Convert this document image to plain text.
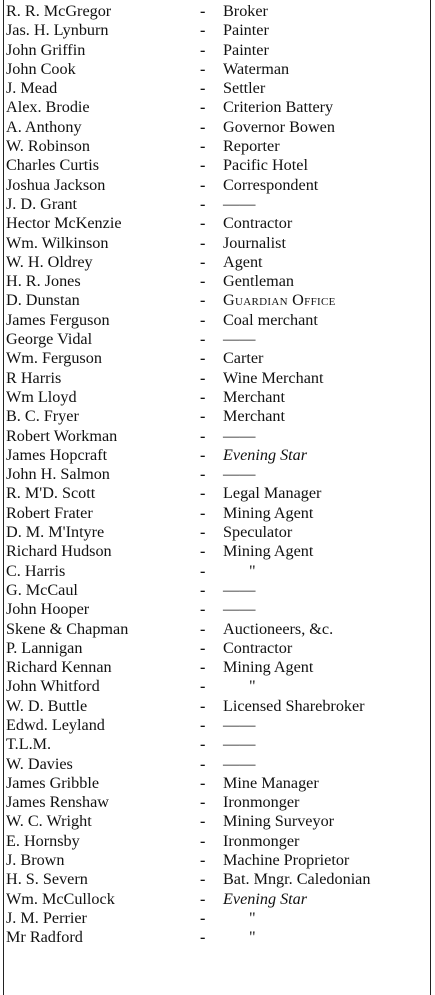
R. R. McGregor	- Broker
Jas. H. Lynburn	- Painter
John Griffin	- Painter
John Cook	- Waterman
J. Mead	- Settler
Alex. Brodie	- Criterion Battery
A. Anthony	- Governor Bowen
W. Robinson	- Reporter
Charles Curtis	- Pacific Hotel
Joshua Jackson	- Correspondent
J. D. Grant	- ——
Hector McKenzie	- Contractor
Wm. Wilkinson	- Journalist
W. H. Oldrey	- Agent
H. R. Jones	- Gentleman
D. Dunstan	- Guardian Office
James Ferguson	- Coal merchant
George Vidal	- ——
Wm. Ferguson	- Carter
R Harris	- Wine Merchant
Wm Lloyd	- Merchant
B. C. Fryer	- Merchant
Robert Workman	- ——
James Hopcraft	- Evening Star
John H. Salmon	- ——
R. M'D. Scott	- Legal Manager
Robert Frater	- Mining Agent
D. M. M'Intyre	- Speculator
Richard Hudson	- Mining Agent
C. Harris	-	"
G. McCaul	- ——
John Hooper	- ——
Skene & Chapman	- Auctioneers, &c.
P. Lannigan	- Contractor
Richard Kennan	- Mining Agent
John Whitford	-	"
W. D. Buttle	- Licensed Sharebroker
Edwd. Leyland	- ——
T.L.M.	- ——
W. Davies	- ——
James Gribble	- Mine Manager
James Renshaw	- Ironmonger
W. C. Wright	- Mining Surveyor
E. Hornsby	- Ironmonger
J. Brown	- Machine Proprietor
H. S. Severn	- Bat. Mngr. Caledonian
Wm. McCullock	- Evening Star
J. M. Perrier	-	"
Mr Radford	-	"
